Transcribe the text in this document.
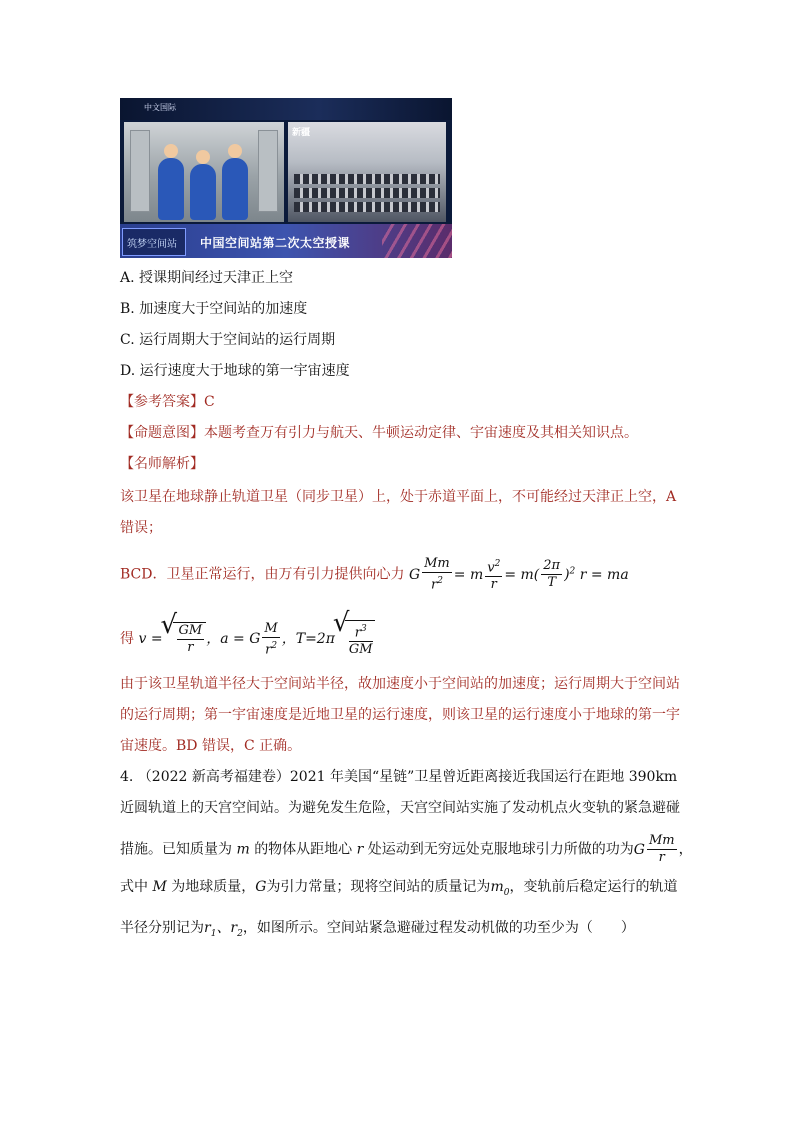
中文国际
新疆
筑梦空间站 中国空间站第二次太空授课
A. 授课期间经过天津正上空
B. 加速度大于空间站的加速度
C. 运行周期大于空间站的运行周期
D. 运行速度大于地球的第一宇宙速度
【参考答案】C
【命题意图】本题考查万有引力与航天、牛顿运动定律、宇宙速度及其相关知识点。
【名师解析】
该卫星在地球静止轨道卫星（同步卫星）上，处于赤道平面上，不可能经过天津正上空，A
错误；
BCD．卫星正常运行，由万有引力提供向心力 G $\frac{Mm}{r^2} = m \frac{v^2}{r} = m( \frac{2\pi}{T} )^2$ r = ma
得 v = √ $\frac{GM}{r}$ ，a = G $\frac{M}{r^2}$ ，T=2π √ $\frac{r^3}{GM}$
由于该卫星轨道半径大于空间站半径，故加速度小于空间站的加速度；运行周期大于空间站
的运行周期；第一宇宙速度是近地卫星的运行速度，则该卫星的运行速度小于地球的第一宇
宙速度。BD 错误，C 正确。
4. （2022 新高考福建卷）2021 年美国“星链”卫星曾近距离接近我国运行在距地 390km
近圆轨道上的天宫空间站。为避免发生危险，天宫空间站实施了发动机点火变轨的紧急避碰
措施。已知质量为 m 的物体从距地心 r 处运动到无穷远处克服地球引力所做的功为G $\frac{Mm}{r}$ ，
式中 M 为地球质量，G为引力常量；现将空间站的质量记为$m_0$，变轨前后稳定运行的轨道
半径分别记为$r_1$、$r_2$，如图所示。空间站紧急避碰过程发动机做的功至少为（　　）
